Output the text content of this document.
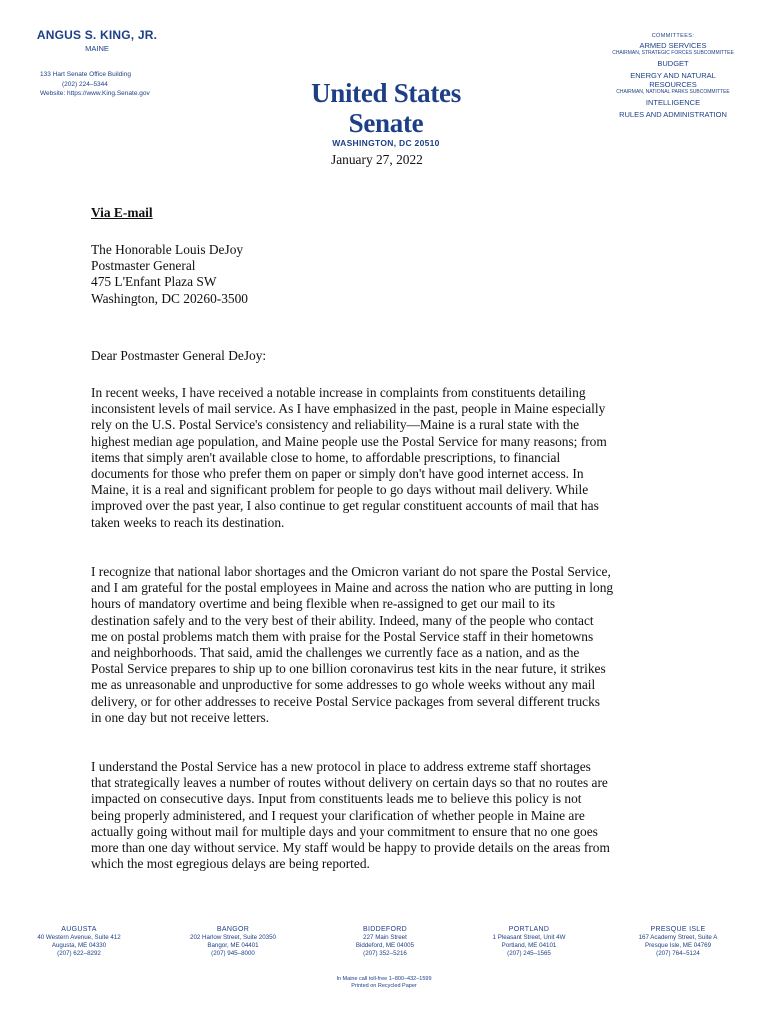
ANGUS S. KING, JR.
MAINE
133 Hart Senate Office Building
(202) 224–5344
Website: https://www.King.Senate.gov	United States Senate
WASHINGTON, DC 20510
COMMITTEES:
ARMED SERVICES
CHAIRMAN, STRATEGIC FORCES SUBCOMMITTEE
BUDGET
ENERGY AND NATURAL RESOURCES
CHAIRMAN, NATIONAL PARKS SUBCOMMITTEE
INTELLIGENCE
RULES AND ADMINISTRATION
January 27, 2022
Via E-mail
The Honorable Louis DeJoy
Postmaster General
475 L'Enfant Plaza SW
Washington, DC 20260-3500
Dear Postmaster General DeJoy:
In recent weeks, I have received a notable increase in complaints from constituents detailing
inconsistent levels of mail service. As I have emphasized in the past, people in Maine especially
rely on the U.S. Postal Service's consistency and reliability—Maine is a rural state with the
highest median age population, and Maine people use the Postal Service for many reasons; from
items that simply aren't available close to home, to affordable prescriptions, to financial
documents for those who prefer them on paper or simply don't have good internet access. In
Maine, it is a real and significant problem for people to go days without mail delivery. While
improved over the past year, I also continue to get regular constituent accounts of mail that has
taken weeks to reach its destination.
I recognize that national labor shortages and the Omicron variant do not spare the Postal Service,
and I am grateful for the postal employees in Maine and across the nation who are putting in long
hours of mandatory overtime and being flexible when re-assigned to get our mail to its
destination safely and to the very best of their ability. Indeed, many of the people who contact
me on postal problems match them with praise for the Postal Service staff in their hometowns
and neighborhoods. That said, amid the challenges we currently face as a nation, and as the
Postal Service prepares to ship up to one billion coronavirus test kits in the near future, it strikes
me as unreasonable and unproductive for some addresses to go whole weeks without any mail
delivery, or for other addresses to receive Postal Service packages from several different trucks
in one day but not receive letters.
I understand the Postal Service has a new protocol in place to address extreme staff shortages
that strategically leaves a number of routes without delivery on certain days so that no routes are
impacted on consecutive days. Input from constituents leads me to believe this policy is not
being properly administered, and I request your clarification of whether people in Maine are
actually going without mail for multiple days and your commitment to ensure that no one goes
more than one day without service. My staff would be happy to provide details on the areas from
which the most egregious delays are being reported.
AUGUSTA
40 Western Avenue, Suite 412
Augusta, ME 04330
(207) 622–8292
BANGOR
202 Harlow Street, Suite 20350
Bangor, ME 04401
(207) 945–8000
BIDDEFORD
227 Main Street
Biddeford, ME 04005
(207) 352–5216
PORTLAND
1 Pleasant Street, Unit 4W
Portland, ME 04101
(207) 245–1565
PRESQUE ISLE
167 Academy Street, Suite A
Presque Isle, ME 04769
(207) 764–5124
In Maine call toll-free 1–800–432–1599
Printed on Recycled Paper
